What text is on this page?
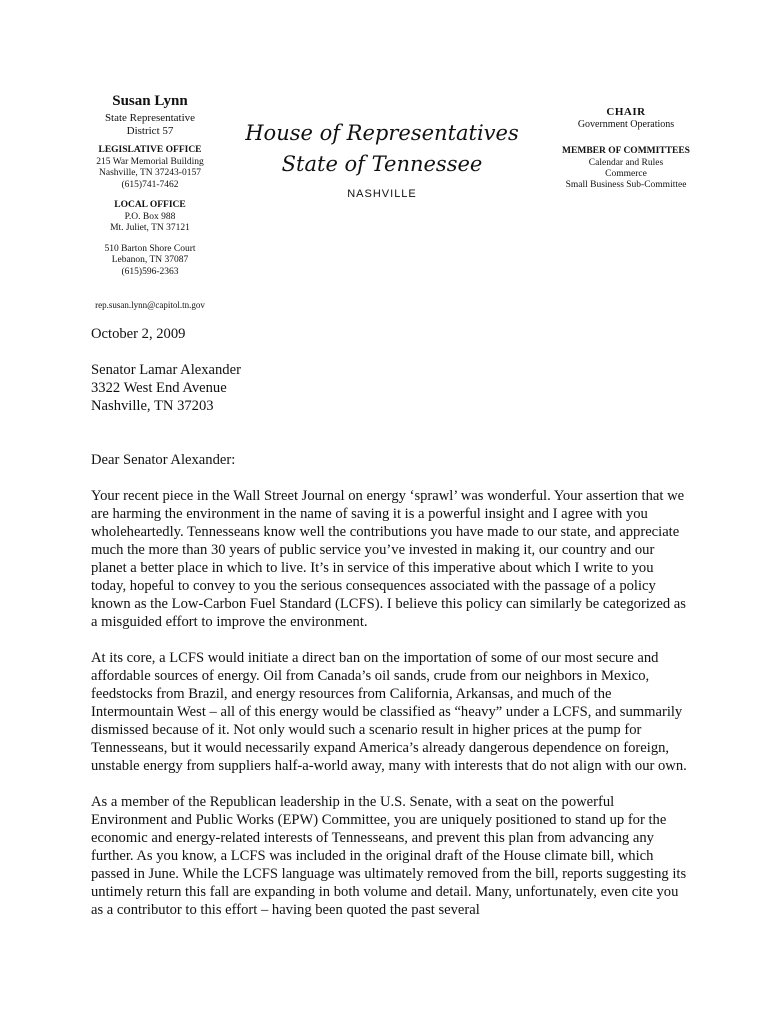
Susan Lynn
State Representative
District 57
LEGISLATIVE OFFICE
215 War Memorial Building
Nashville, TN 37243-0157
(615)741-7462
LOCAL OFFICE
P.O. Box 988
Mt. Juliet, TN 37121
510 Barton Shore Court
Lebanon, TN 37087
(615)596-2363
rep.susan.lynn@capitol.tn.gov
House of Representatives
State of Tennessee
NASHVILLE
CHAIR
Government Operations
MEMBER OF COMMITTEES
Calendar and Rules
Commerce
Small Business Sub-Committee

October 2, 2009

Senator Lamar Alexander

3322 West End Avenue

Nashville, TN 37203

Dear Senator Alexander:

Your recent piece in the Wall Street Journal on energy ‘sprawl’ was wonderful. Your assertion that we are harming the environment in the name of saving it is a powerful insight and I agree with you wholeheartedly. Tennesseans know well the contributions you have made to our state, and appreciate much the more than 30 years of public service you’ve invested in making it, our country and our planet a better place in which to live. It’s in service of this imperative about which I write to you today, hopeful to convey to you the serious consequences associated with the passage of a policy known as the Low-Carbon Fuel Standard (LCFS). I believe this policy can similarly be categorized as a misguided effort to improve the environment.

At its core, a LCFS would initiate a direct ban on the importation of some of our most secure and affordable sources of energy. Oil from Canada’s oil sands, crude from our neighbors in Mexico, feedstocks from Brazil, and energy resources from California, Arkansas, and much of the Intermountain West – all of this energy would be classified as “heavy” under a LCFS, and summarily dismissed because of it. Not only would such a scenario result in higher prices at the pump for Tennesseans, but it would necessarily expand America’s already dangerous dependence on foreign, unstable energy from suppliers half-a-world away, many with interests that do not align with our own.

As a member of the Republican leadership in the U.S. Senate, with a seat on the powerful Environment and Public Works (EPW) Committee, you are uniquely positioned to stand up for the economic and energy-related interests of Tennesseans, and prevent this plan from advancing any further. As you know, a LCFS was included in the original draft of the House climate bill, which passed in June. While the LCFS language was ultimately removed from the bill, reports suggesting its untimely return this fall are expanding in both volume and detail. Many, unfortunately, even cite you as a contributor to this effort – having been quoted the past several
